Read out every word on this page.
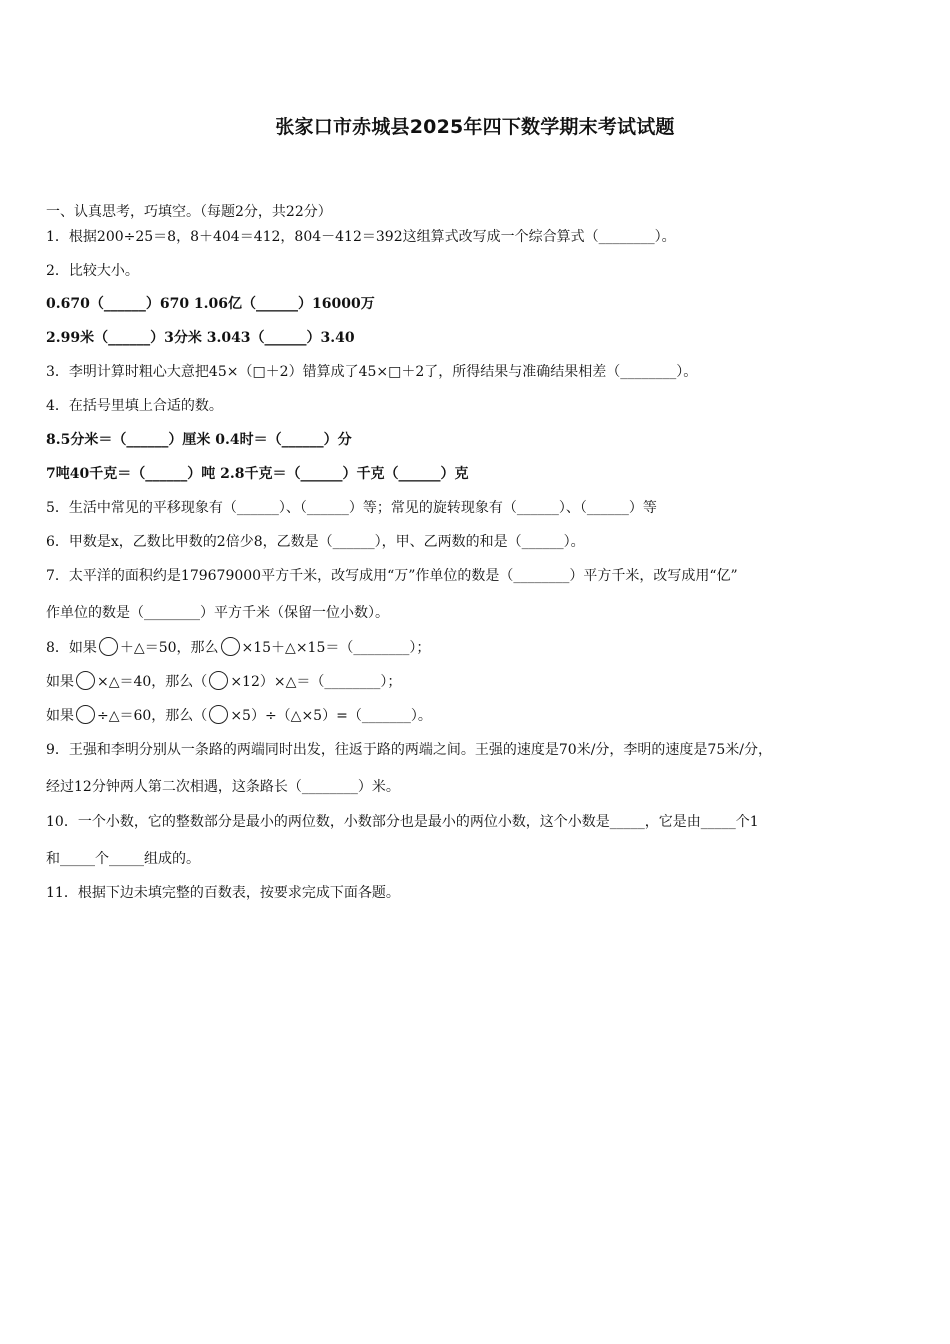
张家口市赤城县2025年四下数学期末考试试题
一、认真思考，巧填空。（每题2分，共22分）
1．根据200÷25＝8，8＋404＝412，804－412＝392这组算式改写成一个综合算式（________）。
2．比较大小。
0.670（______）670 1.06亿（______）16000万
2.99米（______）3分米 3.043（______）3.40
3．李明计算时粗心大意把45×（□＋2）错算成了45×□＋2了，所得结果与准确结果相差（________）。
4．在括号里填上合适的数。
8.5分米＝（______）厘米 0.4时＝（______）分
7吨40千克＝（______）吨 2.8千克＝（______）千克（______）克
5．生活中常见的平移现象有（______）、（______）等；常见的旋转现象有（______）、（______）等
6．甲数是x，乙数比甲数的2倍少8，乙数是（______），甲、乙两数的和是（______）。
7．太平洋的面积约是179679000平方千米，改写成用“万”作单位的数是（________）平方千米，改写成用“亿”
作单位的数是（________）平方千米（保留一位小数）。
8．如果 ＋△＝50，那么 ×15＋△×15＝（________）；
如果 ×△＝40，那么（ ×12）×△＝（________）；
如果 ÷△＝60，那么（ ×5）÷（△×5）=（_______）。
9．王强和李明分别从一条路的两端同时出发，往返于路的两端之间。王强的速度是70米/分，李明的速度是75米/分，
经过12分钟两人第二次相遇，这条路长（________）米。
10．一个小数，它的整数部分是最小的两位数，小数部分也是最小的两位小数，这个小数是_____，它是由_____个1
和_____个_____组成的。
11．根据下边未填完整的百数表，按要求完成下面各题。
